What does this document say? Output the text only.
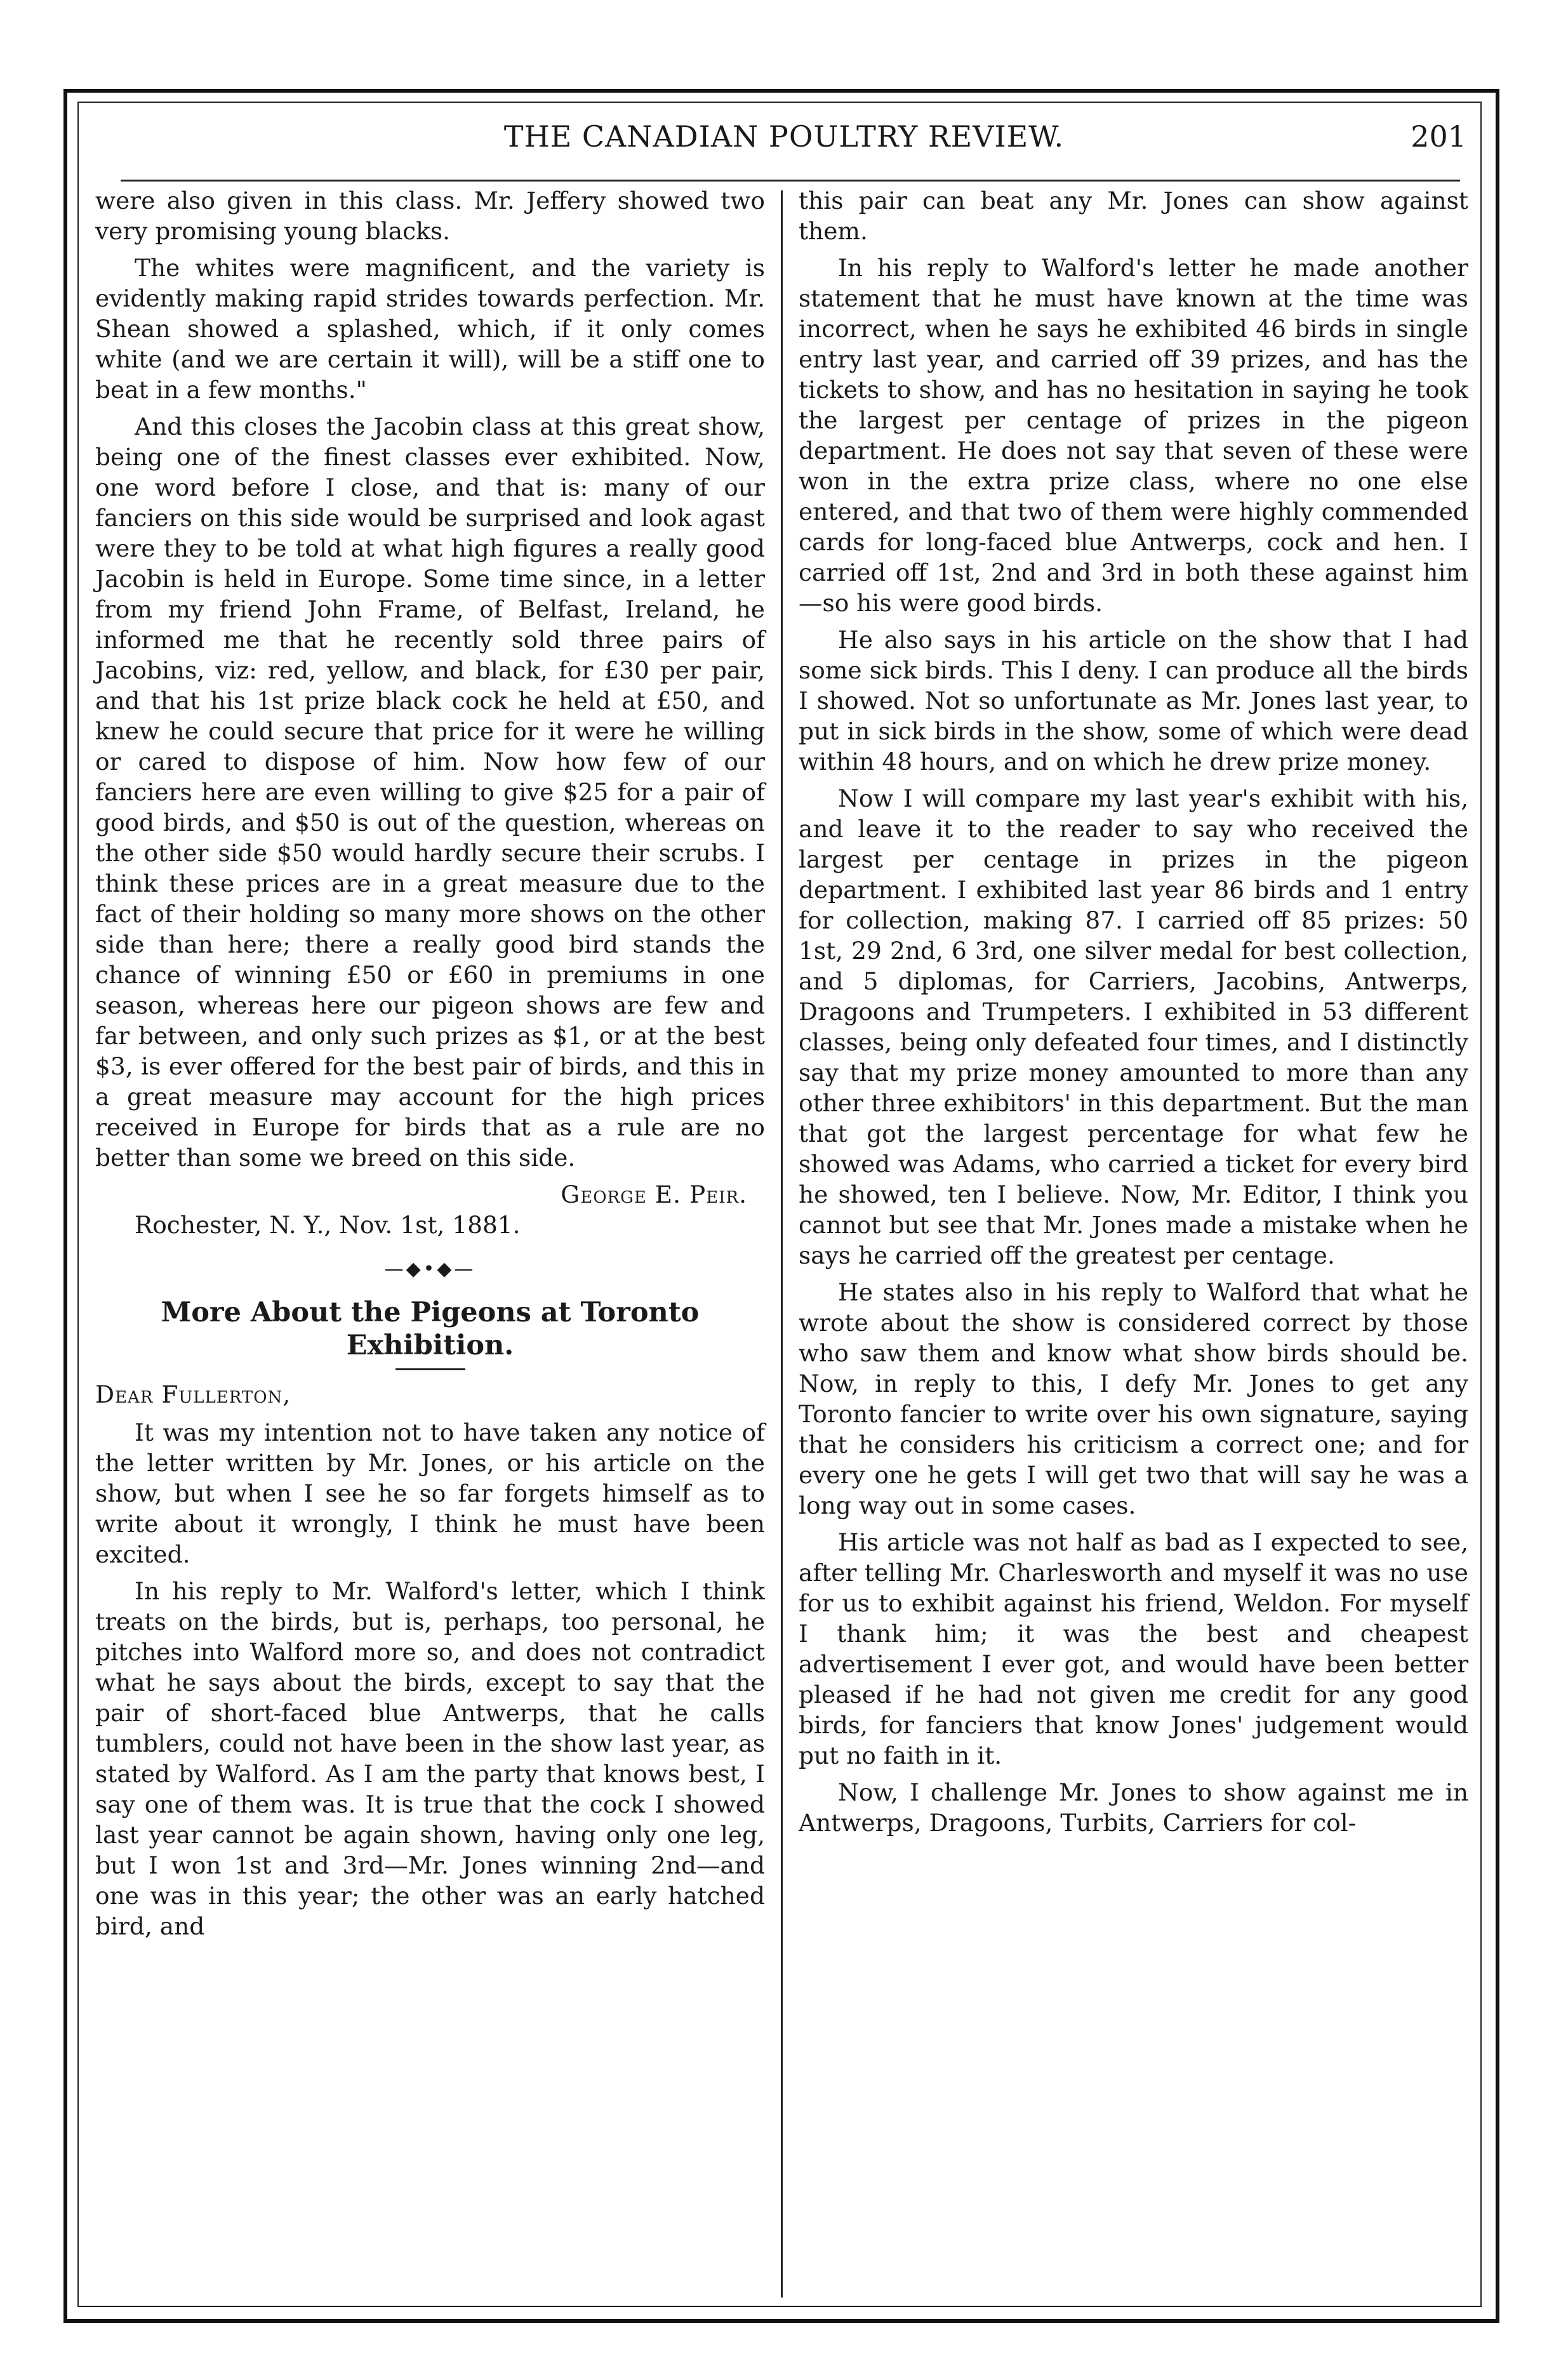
THE CANADIAN POULTRY REVIEW.	201

were also given in this class. Mr. Jeffery showed two very promising young blacks.

The whites were magnificent, and the variety is evidently making rapid strides towards perfection. Mr. Shean showed a splashed, which, if it only comes white (and we are certain it will), will be a stiff one to beat in a few months."

And this closes the Jacobin class at this great show, being one of the finest classes ever exhibited. Now, one word before I close, and that is: many of our fanciers on this side would be surprised and look agast were they to be told at what high figures a really good Jacobin is held in Europe. Some time since, in a letter from my friend John Frame, of Belfast, Ireland, he informed me that he recently sold three pairs of Jacobins, viz: red, yellow, and black, for £30 per pair, and that his 1st prize black cock he held at £50, and knew he could secure that price for it were he willing or cared to dispose of him. Now how few of our fanciers here are even willing to give $25 for a pair of good birds, and $50 is out of the question, whereas on the other side $50 would hardly secure their scrubs. I think these prices are in a great measure due to the fact of their holding so many more shows on the other side than here; there a really good bird stands the chance of winning £50 or £60 in premiums in one season, whereas here our pigeon shows are few and far between, and only such prizes as $1, or at the best $3, is ever offered for the best pair of birds, and this in a great measure may account for the high prices received in Europe for birds that as a rule are no better than some we breed on this side.

George E. Peir.

Rochester, N. Y., Nov. 1st, 1881.

—◆•◆—
More About the Pigeons at Toronto Exhibition.

Dear Fullerton,

It was my intention not to have taken any notice of the letter written by Mr. Jones, or his article on the show, but when I see he so far forgets himself as to write about it wrongly, I think he must have been excited.

In his reply to Mr. Walford's letter, which I think treats on the birds, but is, perhaps, too personal, he pitches into Walford more so, and does not contradict what he says about the birds, except to say that the pair of short-faced blue Antwerps, that he calls tumblers, could not have been in the show last year, as stated by Walford. As I am the party that knows best, I say one of them was. It is true that the cock I showed last year cannot be again shown, having only one leg, but I won 1st and 3rd—Mr. Jones winning 2nd—and one was in this year; the other was an early hatched bird, and

this pair can beat any Mr. Jones can show against them.

In his reply to Walford's letter he made another statement that he must have known at the time was incorrect, when he says he exhibited 46 birds in single entry last year, and carried off 39 prizes, and has the tickets to show, and has no hesitation in saying he took the largest per centage of prizes in the pigeon department. He does not say that seven of these were won in the extra prize class, where no one else entered, and that two of them were highly commended cards for long-faced blue Antwerps, cock and hen. I carried off 1st, 2nd and 3rd in both these against him—so his were good birds.

He also says in his article on the show that I had some sick birds. This I deny. I can produce all the birds I showed. Not so unfortunate as Mr. Jones last year, to put in sick birds in the show, some of which were dead within 48 hours, and on which he drew prize money.

Now I will compare my last year's exhibit with his, and leave it to the reader to say who received the largest per centage in prizes in the pigeon department. I exhibited last year 86 birds and 1 entry for collection, making 87. I carried off 85 prizes: 50 1st, 29 2nd, 6 3rd, one silver medal for best collection, and 5 diplomas, for Carriers, Jacobins, Antwerps, Dragoons and Trumpeters. I exhibited in 53 different classes, being only defeated four times, and I distinctly say that my prize money amounted to more than any other three exhibitors' in this department. But the man that got the largest percentage for what few he showed was Adams, who carried a ticket for every bird he showed, ten I believe. Now, Mr. Editor, I think you cannot but see that Mr. Jones made a mistake when he says he carried off the greatest per centage.

He states also in his reply to Walford that what he wrote about the show is considered correct by those who saw them and know what show birds should be. Now, in reply to this, I defy Mr. Jones to get any Toronto fancier to write over his own signature, saying that he considers his criticism a correct one; and for every one he gets I will get two that will say he was a long way out in some cases.

His article was not half as bad as I expected to see, after telling Mr. Charlesworth and myself it was no use for us to exhibit against his friend, Weldon. For myself I thank him; it was the best and cheapest advertisement I ever got, and would have been better pleased if he had not given me credit for any good birds, for fanciers that know Jones' judgement would put no faith in it.

Now, I challenge Mr. Jones to show against me in Antwerps, Dragoons, Turbits, Carriers for col-
